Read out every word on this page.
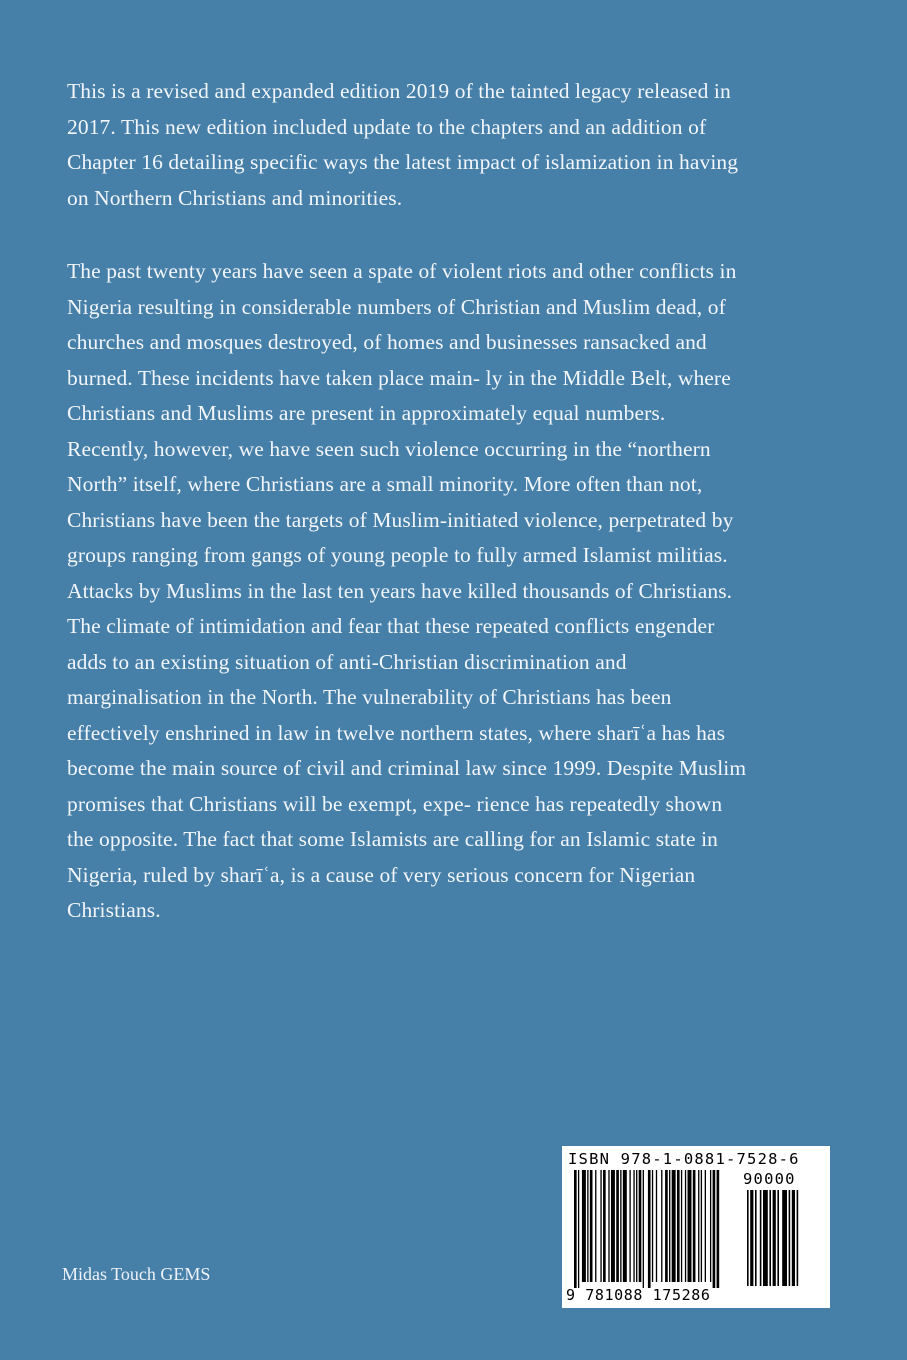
This is a revised and expanded edition 2019 of the tainted legacy released in
2017. This new edition included update to the chapters and an addition of
Chapter 16 detailing specific ways the latest impact of islamization in having
on Northern Christians and minorities.
The past twenty years have seen a spate of violent riots and other conflicts in
Nigeria resulting in considerable numbers of Christian and Muslim dead, of
churches and mosques destroyed, of homes and businesses ransacked and
burned. These incidents have taken place main- ly in the Middle Belt, where
Christians and Muslims are present in approximately equal numbers.
Recently, however, we have seen such violence occurring in the “northern
North” itself, where Christians are a small minority. More often than not,
Christians have been the targets of Muslim-initiated violence, perpetrated by
groups ranging from gangs of young people to fully armed Islamist militias.
Attacks by Muslims in the last ten years have killed thousands of Christians.
The climate of intimidation and fear that these repeated conflicts engender
adds to an existing situation of anti-Christian discrimination and
marginalisation in the North. The vulnerability of Christians has been
effectively enshrined in law in twelve northern states, where sharīʿa has has
become the main source of civil and criminal law since 1999. Despite Muslim
promises that Christians will be exempt, expe- rience has repeatedly shown
the opposite. The fact that some Islamists are calling for an Islamic state in
Nigeria, ruled by sharīʿa, is a cause of very serious concern for Nigerian
Christians.
Midas Touch GEMS
ISBN 978-1-0881-7528-6
90000
9 781088 175286
